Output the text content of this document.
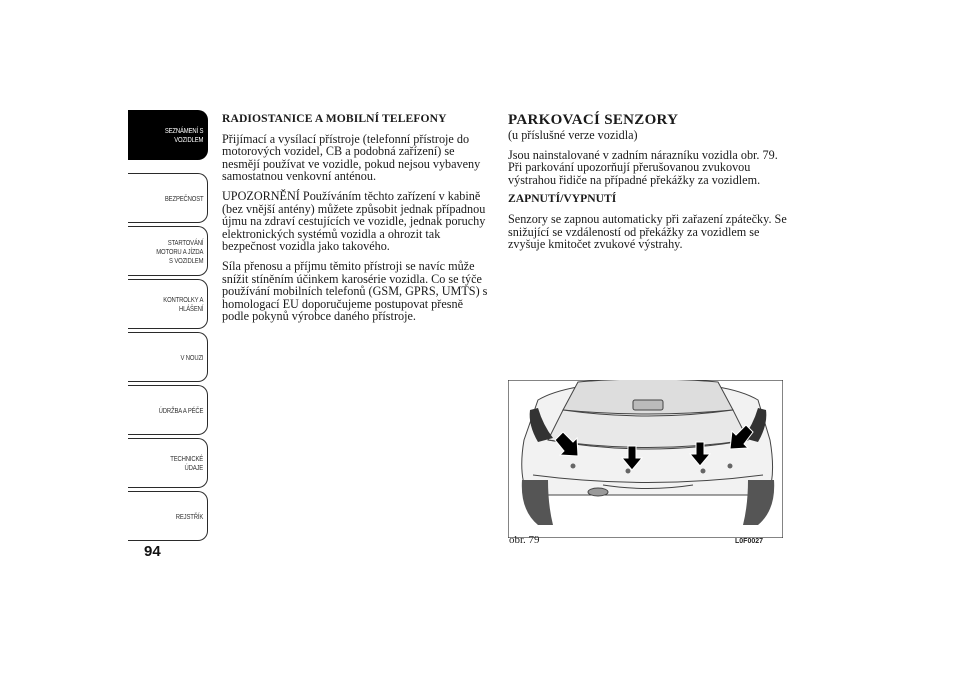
SEZNÁMENÍ S
VOZIDLEM
BEZPEČNOST
STARTOVÁNÍ
MOTORU A JÍZDA
S VOZIDLEM
KONTROLKY A
HLÁŠENÍ
V NOUZI
ÚDRŽBA A PÉČE
TECHNICKÉ
ÚDAJE
REJSTŘÍK
94

RADIOSTANICE A MOBILNÍ TELEFONY

Přijímací a vysílací přístroje (telefonní přístroje do motorových vozidel, CB a podobná zařízení) se nesmějí používat ve vozidle, pokud nejsou vybaveny samostatnou venkovní anténou.

UPOZORNĚNÍ Používáním těchto zařízení v kabině (bez vnější antény) můžete způsobit jednak případnou újmu na zdraví cestujících ve vozidle, jednak poruchy elektronických systémů vozidla a ohrozit tak bezpečnost vozidla jako takového.

Síla přenosu a příjmu těmito přístroji se navíc může snížit stíněním účinkem karosérie vozidla. Co se týče používání mobilních telefonů (GSM, GPRS, UMTS) s homologací EU doporučujeme postupovat přesně podle pokynů výrobce daného přístroje.

PARKOVACÍ SENZORY

(u příslušné verze vozidla)

Jsou nainstalované v zadním nárazníku vozidla obr. 79. Při parkování upozorňují přerušovanou zvukovou výstrahou řidiče na případné překážky za vozidlem.

ZAPNUTÍ/VYPNUTÍ

Senzory se zapnou automaticky při zařazení zpátečky. Se snižující se vzdáleností od překážky za vozidlem se zvyšuje kmitočet zvukové výstrahy.

obr. 79	L0F0027
